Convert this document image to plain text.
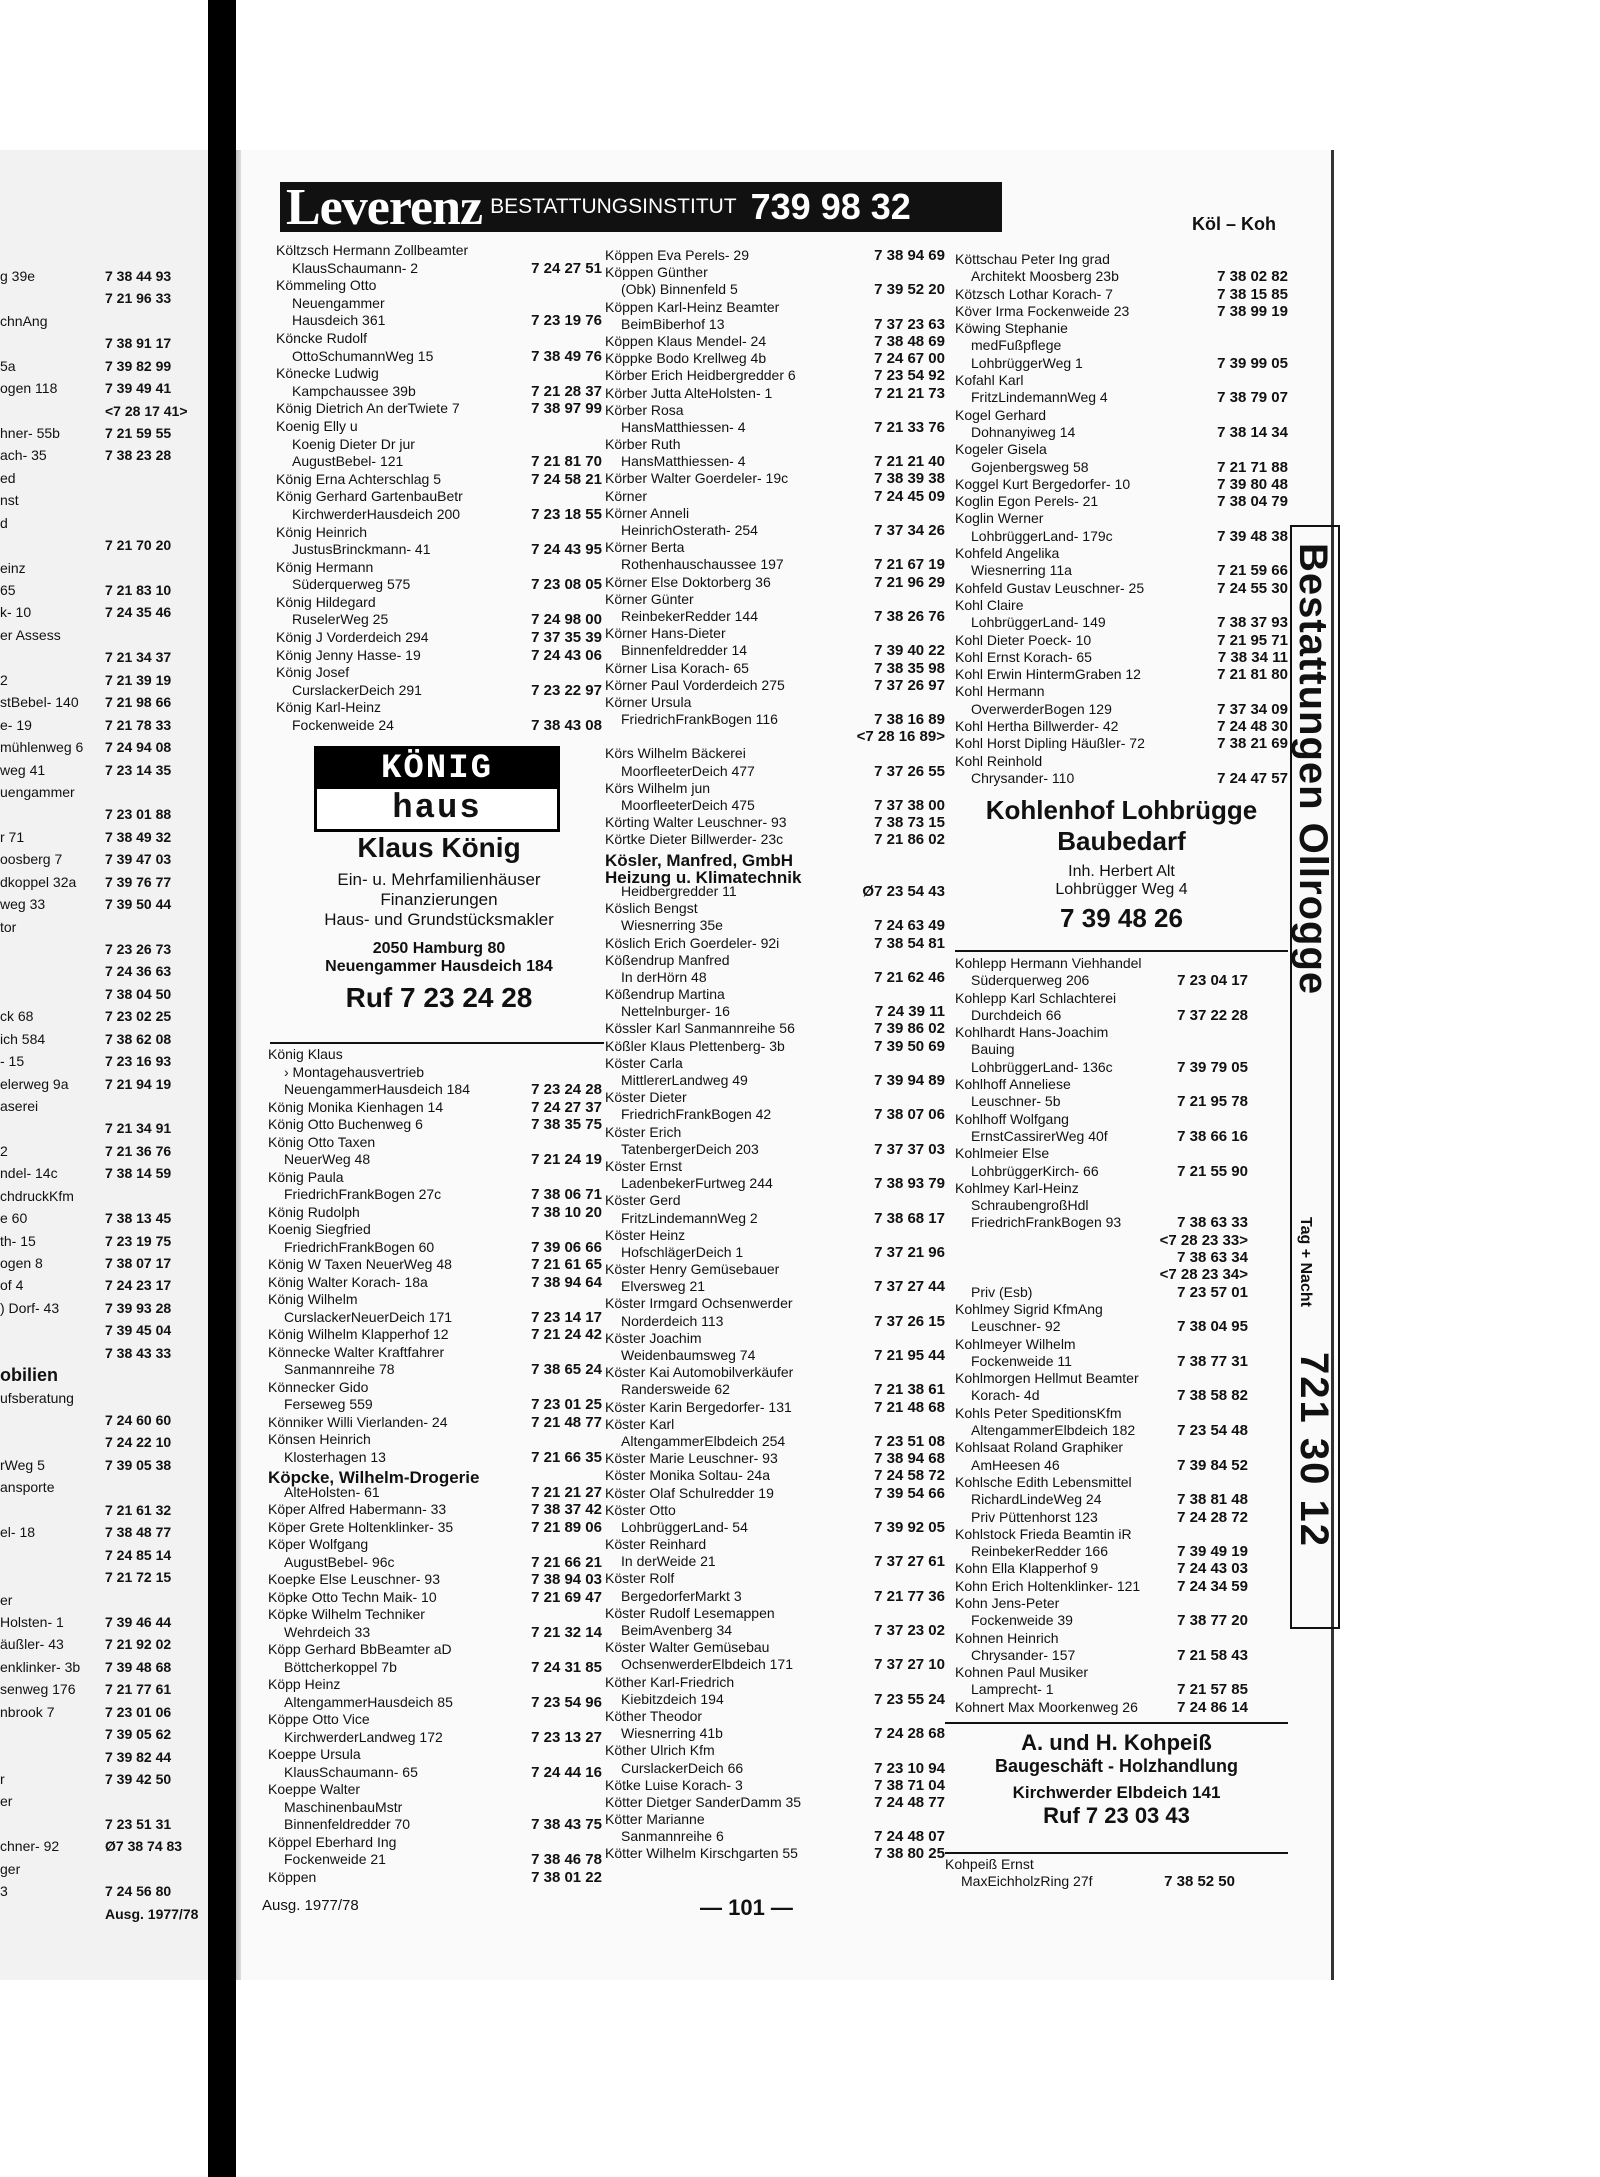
g 39e	7 38 44 93
7 21 96 33
chnAng
7 38 91 17
5a	7 39 82 99
ogen 118	7 39 49 41
<7 28 17 41>
hner- 55b	7 21 59 55
ach- 35	7 38 23 28
ed
nst
d
7 21 70 20
einz
65	7 21 83 10
k- 10	7 24 35 46
er Assess
7 21 34 37
2	7 21 39 19
stBebel- 140 7 21 98 66
e- 19	7 21 78 33
mühlenweg 6 7 24 94 08
weg 41	7 23 14 35
uengammer
7 23 01 88
r 71	7 38 49 32
oosberg 7	7 39 47 03
dkoppel 32a 7 39 76 77
weg 33	7 39 50 44
tor
7 23 26 73
7 24 36 63
7 38 04 50
ck 68	7 23 02 25
ich 584	7 38 62 08
- 15	7 23 16 93
elerweg 9a	7 21 94 19
aserei
7 21 34 91
2	7 21 36 76
ndel- 14c	7 38 14 59
chdruckKfm
e 60	7 38 13 45
th- 15	7 23 19 75
ogen 8	7 38 07 17
of 4	7 24 23 17
) Dorf- 43	7 39 93 28
7 39 45 04
7 38 43 33
obilien
ufsberatung
7 24 60 60
7 24 22 10
rWeg 5	7 39 05 38
ansporte
7 21 61 32
el- 18	7 38 48 77
7 24 85 14
7 21 72 15
er
Holsten- 1	7 39 46 44
äußler- 43	7 21 92 02
enklinker- 3b 7 39 48 68
senweg 176 7 21 77 61
nbrook 7	7 23 01 06
7 39 05 62
7 39 82 44
r	7 39 42 50
er
7 23 51 31
chner- 92	Ø7 38 74 83
ger
3	7 24 56 80
Ausg. 1977/78
Leverenz BESTATTUNGSINSTITUT 739 98 32	Köl – Koh
Költzsch Hermann Zollbeamter
KlausSchaumann- 2	7 24 27 51
Kömmeling Otto
Neuengammer
Hausdeich 361	7 23 19 76
Köncke Rudolf
OttoSchumannWeg 15	7 38 49 76
Könecke Ludwig
Kampchaussee 39b	7 21 28 37
König Dietrich An derTwiete 7	7 38 97 99
Koenig Elly u
Koenig Dieter Dr jur
AugustBebel- 121	7 21 81 70
König Erna Achterschlag 5	7 24 58 21
König Gerhard GartenbauBetr
KirchwerderHausdeich 200	7 23 18 55
König Heinrich
JustusBrinckmann- 41	7 24 43 95
König Hermann
Süderquerweg 575	7 23 08 05
König Hildegard
RuselerWeg 25	7 24 98 00
König J Vorderdeich 294	7 37 35 39
König Jenny Hasse- 19	7 24 43 06
König Josef
CurslackerDeich 291	7 23 22 97
König Karl-Heinz
Fockenweide 24	7 38 43 08
KÖNIG
haus
Klaus König
Ein- u. Mehrfamilienhäuser
Finanzierungen
Haus- und Grundstücksmakler
2050 Hamburg 80
Neuengammer Hausdeich 184
Ruf 7 23 24 28
König Klaus
› Montagehausvertrieb
NeuengammerHausdeich 184	7 23 24 28
König Monika Kienhagen 14	7 24 27 37
König Otto Buchenweg 6	7 38 35 75
König Otto Taxen
NeuerWeg 48	7 21 24 19
König Paula
FriedrichFrankBogen 27c	7 38 06 71
König Rudolph	7 38 10 20
Koenig Siegfried
FriedrichFrankBogen 60	7 39 06 66
König W Taxen NeuerWeg 48	7 21 61 65
König Walter Korach- 18a	7 38 94 64
König Wilhelm
CurslackerNeuerDeich 171	7 23 14 17
König Wilhelm Klapperhof 12	7 21 24 42
Könnecke Walter Kraftfahrer
Sanmannreihe 78	7 38 65 24
Könnecker Gido
Ferseweg 559	7 23 01 25
Könniker Willi Vierlanden- 24	7 21 48 77
Könsen Heinrich
Klosterhagen 13	7 21 66 35
Köpcke, Wilhelm-Drogerie
AlteHolsten- 61	7 21 21 27
Köper Alfred Habermann- 33	7 38 37 42
Köper Grete Holtenklinker- 35	7 21 89 06
Köper Wolfgang
AugustBebel- 96c	7 21 66 21
Koepke Else Leuschner- 93	7 38 94 03
Köpke Otto Techn Maik- 10	7 21 69 47
Köpke Wilhelm Techniker
Wehrdeich 33	7 21 32 14
Köpp Gerhard BbBeamter aD
Böttcherkoppel 7b	7 24 31 85
Köpp Heinz
AltengammerHausdeich 85	7 23 54 96
Köppe Otto Vice
KirchwerderLandweg 172	7 23 13 27
Koeppe Ursula
KlausSchaumann- 65	7 24 44 16
Koeppe Walter
MaschinenbauMstr
Binnenfeldredder 70	7 38 43 75
Köppel Eberhard Ing
Fockenweide 21	7 38 46 78
Köppen	7 38 01 22
Köppen Eva Perels- 29	7 38 94 69
Köppen Günther
(Obk) Binnenfeld 5	7 39 52 20
Köppen Karl-Heinz Beamter
BeimBiberhof 13	7 37 23 63
Köppen Klaus Mendel- 24	7 38 48 69
Köppke Bodo Krellweg 4b	7 24 67 00
Körber Erich Heidbergredder 6	7 23 54 92
Körber Jutta AlteHolsten- 1	7 21 21 73
Körber Rosa
HansMatthiessen- 4	7 21 33 76
Körber Ruth
HansMatthiessen- 4	7 21 21 40
Körber Walter Goerdeler- 19c	7 38 39 38
Körner	7 24 45 09
Körner Anneli
HeinrichOsterath- 254	7 37 34 26
Körner Berta
Rothenhauschaussee 197	7 21 67 19
Körner Else Doktorberg 36	7 21 96 29
Körner Günter
ReinbekerRedder 144	7 38 26 76
Körner Hans-Dieter
Binnenfeldredder 14	7 39 40 22
Körner Lisa Korach- 65	7 38 35 98
Körner Paul Vorderdeich 275	7 37 26 97
Körner Ursula
FriedrichFrankBogen 116	7 38 16 89
<7 28 16 89>
Körs Wilhelm Bäckerei
MoorfleeterDeich 477	7 37 26 55
Körs Wilhelm jun
MoorfleeterDeich 475	7 37 38 00
Körting Walter Leuschner- 93	7 38 73 15
Körtke Dieter Billwerder- 23c	7 21 86 02
Kösler, Manfred, GmbH
Heizung u. Klimatechnik
Heidbergredder 11	Ø7 23 54 43
Köslich Bengst
Wiesnerring 35e	7 24 63 49
Köslich Erich Goerdeler- 92i	7 38 54 81
Kößendrup Manfred
In derHörn 48	7 21 62 46
Kößendrup Martina
Nettelnburger- 16	7 24 39 11
Kössler Karl Sanmannreihe 56	7 39 86 02
Kößler Klaus Plettenberg- 3b	7 39 50 69
Köster Carla
MittlererLandweg 49	7 39 94 89
Köster Dieter
FriedrichFrankBogen 42	7 38 07 06
Köster Erich
TatenbergerDeich 203	7 37 37 03
Köster Ernst
LadenbekerFurtweg 244	7 38 93 79
Köster Gerd
FritzLindemannWeg 2	7 38 68 17
Köster Heinz
HofschlägerDeich 1	7 37 21 96
Köster Henry Gemüsebauer
Elversweg 21	7 37 27 44
Köster Irmgard Ochsenwerder
Norderdeich 113	7 37 26 15
Köster Joachim
Weidenbaumsweg 74	7 21 95 44
Köster Kai Automobilverkäufer
Randersweide 62	7 21 38 61
Köster Karin Bergedorfer- 131	7 21 48 68
Köster Karl
AltengammerElbdeich 254	7 23 51 08
Köster Marie Leuschner- 93	7 38 94 68
Köster Monika Soltau- 24a	7 24 58 72
Köster Olaf Schulredder 19	7 39 54 66
Köster Otto
LohbrüggerLand- 54	7 39 92 05
Köster Reinhard
In derWeide 21	7 37 27 61
Köster Rolf
BergedorferMarkt 3	7 21 77 36
Köster Rudolf Lesemappen
BeimAvenberg 34	7 37 23 02
Köster Walter Gemüsebau
OchsenwerderElbdeich 171	7 37 27 10
Köther Karl-Friedrich
Kiebitzdeich 194	7 23 55 24
Köther Theodor
Wiesnerring 41b	7 24 28 68
Köther Ulrich Kfm
CurslackerDeich 66	7 23 10 94
Kötke Luise Korach- 3	7 38 71 04
Kötter Dietger SanderDamm 35	7 24 48 77
Kötter Marianne
Sanmannreihe 6	7 24 48 07
Kötter Wilhelm Kirschgarten 55	7 38 80 25
Köttschau Peter Ing grad
Architekt Moosberg 23b	7 38 02 82
Kötzsch Lothar Korach- 7	7 38 15 85
Köver Irma Fockenweide 23	7 38 99 19
Köwing Stephanie
medFußpflege
LohbrüggerWeg 1	7 39 99 05
Kofahl Karl
FritzLindemannWeg 4	7 38 79 07
Kogel Gerhard
Dohnanyiweg 14	7 38 14 34
Kogeler Gisela
Gojenbergsweg 58	7 21 71 88
Koggel Kurt Bergedorfer- 10	7 39 80 48
Koglin Egon Perels- 21	7 38 04 79
Koglin Werner
LohbrüggerLand- 179c	7 39 48 38
Kohfeld Angelika
Wiesnerring 11a	7 21 59 66
Kohfeld Gustav Leuschner- 25	7 24 55 30
Kohl Claire
LohbrüggerLand- 149	7 38 37 93
Kohl Dieter Poeck- 10	7 21 95 71
Kohl Ernst Korach- 65	7 38 34 11
Kohl Erwin HintermGraben 12	7 21 81 80
Kohl Hermann
OverwerderBogen 129	7 37 34 09
Kohl Hertha Billwerder- 42	7 24 48 30
Kohl Horst Dipling Häußler- 72	7 38 21 69
Kohl Reinhold
Chrysander- 110	7 24 47 57
Kohlenhof Lohbrügge
Baubedarf
Inh. Herbert Alt
Lohbrügger Weg 4
7 39 48 26
Kohlepp Hermann Viehhandel
Süderquerweg 206	7 23 04 17
Kohlepp Karl Schlachterei
Durchdeich 66	7 37 22 28
Kohlhardt Hans-Joachim
Bauing
LohbrüggerLand- 136c	7 39 79 05
Kohlhoff Anneliese
Leuschner- 5b	7 21 95 78
Kohlhoff Wolfgang
ErnstCassirerWeg 40f	7 38 66 16
Kohlmeier Else
LohbrüggerKirch- 66	7 21 55 90
Kohlmey Karl-Heinz
SchraubengroßHdl
FriedrichFrankBogen 93	7 38 63 33
<7 28 23 33>
7 38 63 34
<7 28 23 34>
Priv (Esb)	7 23 57 01
Kohlmey Sigrid KfmAng
Leuschner- 92	7 38 04 95
Kohlmeyer Wilhelm
Fockenweide 11	7 38 77 31
Kohlmorgen Hellmut Beamter
Korach- 4d	7 38 58 82
Kohls Peter SpeditionsKfm
AltengammerElbdeich 182	7 23 54 48
Kohlsaat Roland Graphiker
AmHeesen 46	7 39 84 52
Kohlsche Edith Lebensmittel
RichardLindeWeg 24	7 38 81 48
Priv Püttenhorst 123	7 24 28 72
Kohlstock Frieda Beamtin iR
ReinbekerRedder 166	7 39 49 19
Kohn Ella Klapperhof 9	7 24 43 03
Kohn Erich Holtenklinker- 121 7 24 34 59
Kohn Jens-Peter
Fockenweide 39	7 38 77 20
Kohnen Heinrich
Chrysander- 157	7 21 58 43
Kohnen Paul Musiker
Lamprecht- 1	7 21 57 85
Kohnert Max Moorkenweg 26	7 24 86 14
A. und H. Kohpeiß
Baugeschäft - Holzhandlung
Kirchwerder Elbdeich 141
Ruf 7 23 03 43
Kohpeiß Ernst
MaxEichholzRing 27f	7 38 52 50
Bestattungen Ollrogge
Tag + Nacht
721 30 12
Ausg. 1977/78	— 101 —
